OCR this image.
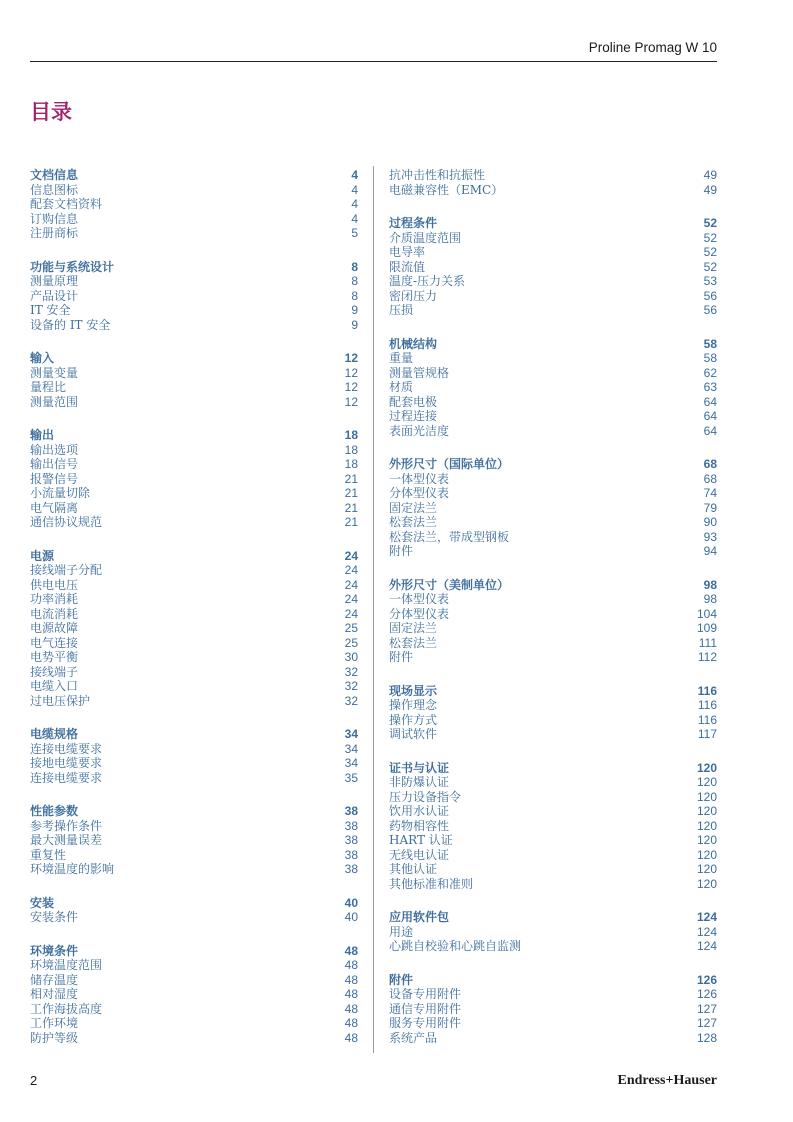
Proline Promag W 10
目录
文档信息	4
信息图标	4
配套文档资料	4
订购信息	4
注册商标	5
功能与系统设计	8
测量原理	8
产品设计	8
IT 安全	9
设备的 IT 安全	9
输入	12
测量变量	12
量程比	12
测量范围	12
输出	18
输出选项	18
输出信号	18
报警信号	21
小流量切除	21
电气隔离	21
通信协议规范	21
电源	24
接线端子分配	24
供电电压	24
功率消耗	24
电流消耗	24
电源故障	25
电气连接	25
电势平衡	30
接线端子	32
电缆入口	32
过电压保护	32
电缆规格	34
连接电缆要求	34
接地电缆要求	34
连接电缆要求	35
性能参数	38
参考操作条件	38
最大测量误差	38
重复性	38
环境温度的影响	38
安装	40
安装条件	40
环境条件	48
环境温度范围	48
储存温度	48
相对湿度	48
工作海拔高度	48
工作环境	48
防护等级	48
抗冲击性和抗振性	49
电磁兼容性（EMC）	49
过程条件	52
介质温度范围	52
电导率	52
限流值	52
温度-压力关系	53
密闭压力	56
压损	56
机械结构	58
重量	58
测量管规格	62
材质	63
配套电极	64
过程连接	64
表面光洁度	64
外形尺寸（国际单位）	68
一体型仪表	68
分体型仪表	74
固定法兰	79
松套法兰	90
松套法兰，带成型钢板	93
附件	94
外形尺寸（美制单位）	98
一体型仪表	98
分体型仪表	104
固定法兰	109
松套法兰	111
附件	112
现场显示	116
操作理念	116
操作方式	116
调试软件	117
证书与认证	120
非防爆认证	120
压力设备指令	120
饮用水认证	120
药物相容性	120
HART 认证	120
无线电认证	120
其他认证	120
其他标准和准则	120
应用软件包	124
用途	124
心跳自校验和心跳自监测	124
附件	126
设备专用附件	126
通信专用附件	127
服务专用附件	127
系统产品	128
2	Endress+Hauser
